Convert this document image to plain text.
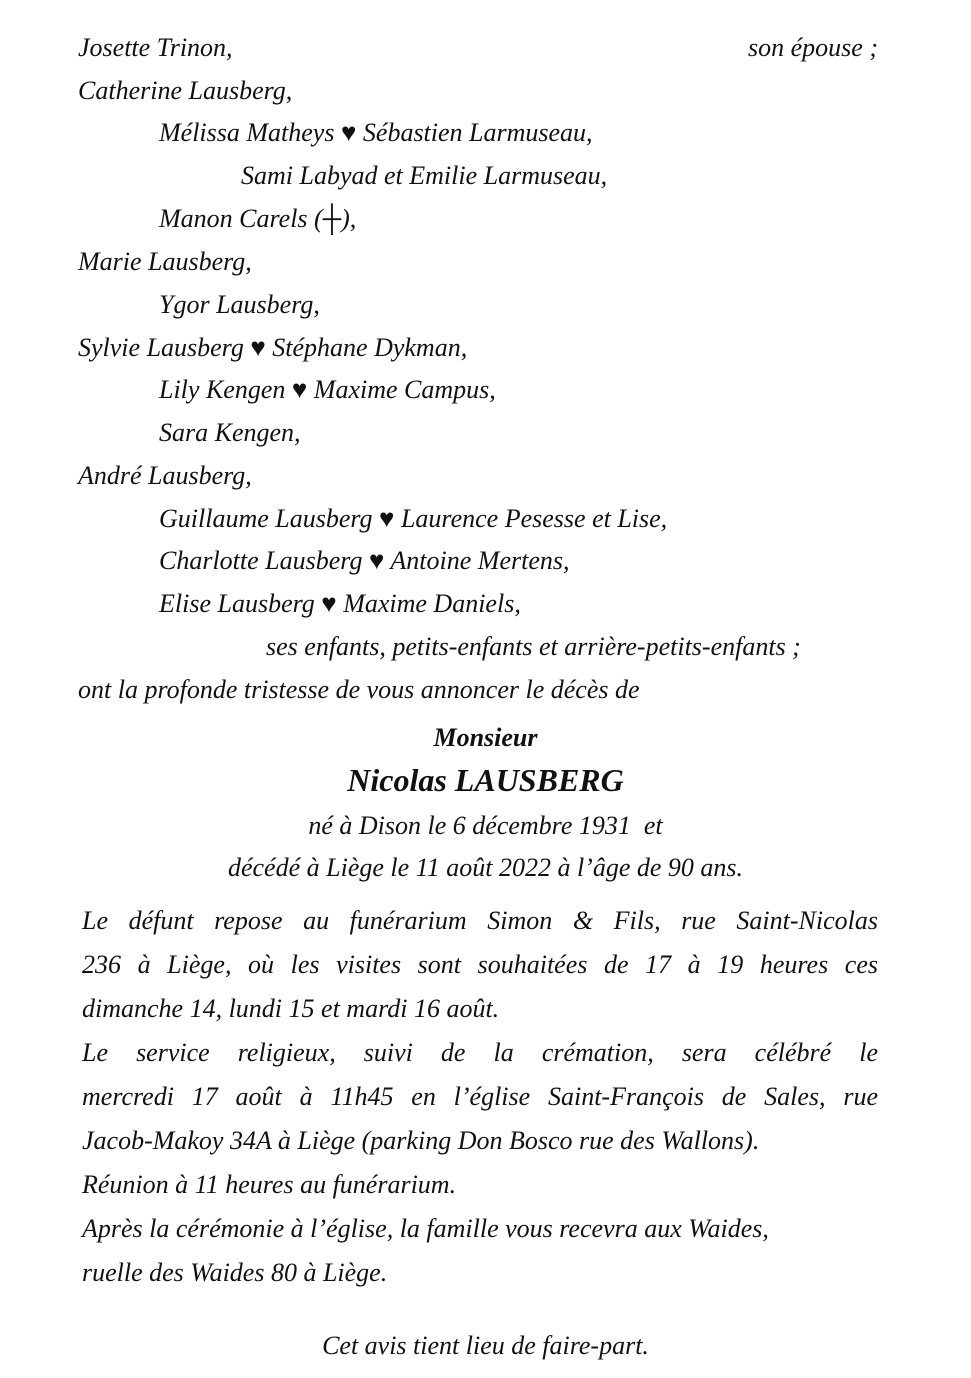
Josette Trinon,	son épouse ;
Catherine Lausberg,
Mélissa Matheys ♥ Sébastien Larmuseau,
Sami Labyad et Emilie Larmuseau,
Manon Carels (┼),
Marie Lausberg,
Ygor Lausberg,
Sylvie Lausberg ♥ Stéphane Dykman,
Lily Kengen ♥ Maxime Campus,
Sara Kengen,
André Lausberg,
Guillaume Lausberg ♥ Laurence Pesesse et Lise,
Charlotte Lausberg ♥ Antoine Mertens,
Elise Lausberg ♥ Maxime Daniels,
ses enfants, petits-enfants et arrière-petits-enfants ;
ont la profonde tristesse de vous annoncer le décès de
Monsieur
Nicolas LAUSBERG
né à Dison le 6 décembre 1931  et
décédé à Liège le 11 août 2022 à l’âge de 90 ans.
Le défunt repose au funérarium Simon & Fils, rue Saint-Nicolas
236 à Liège, où les visites sont souhaitées de 17 à 19 heures ces
dimanche 14, lundi 15 et mardi 16 août.
Le service religieux, suivi de la crémation, sera célébré le
mercredi 17 août à 11h45 en l’église Saint-François de Sales, rue
Jacob-Makoy 34A à Liège (parking Don Bosco rue des Wallons).
Réunion à 11 heures au funérarium.
Après la cérémonie à l’église, la famille vous recevra aux Waides,
ruelle des Waides 80 à Liège.
Cet avis tient lieu de faire-part.
